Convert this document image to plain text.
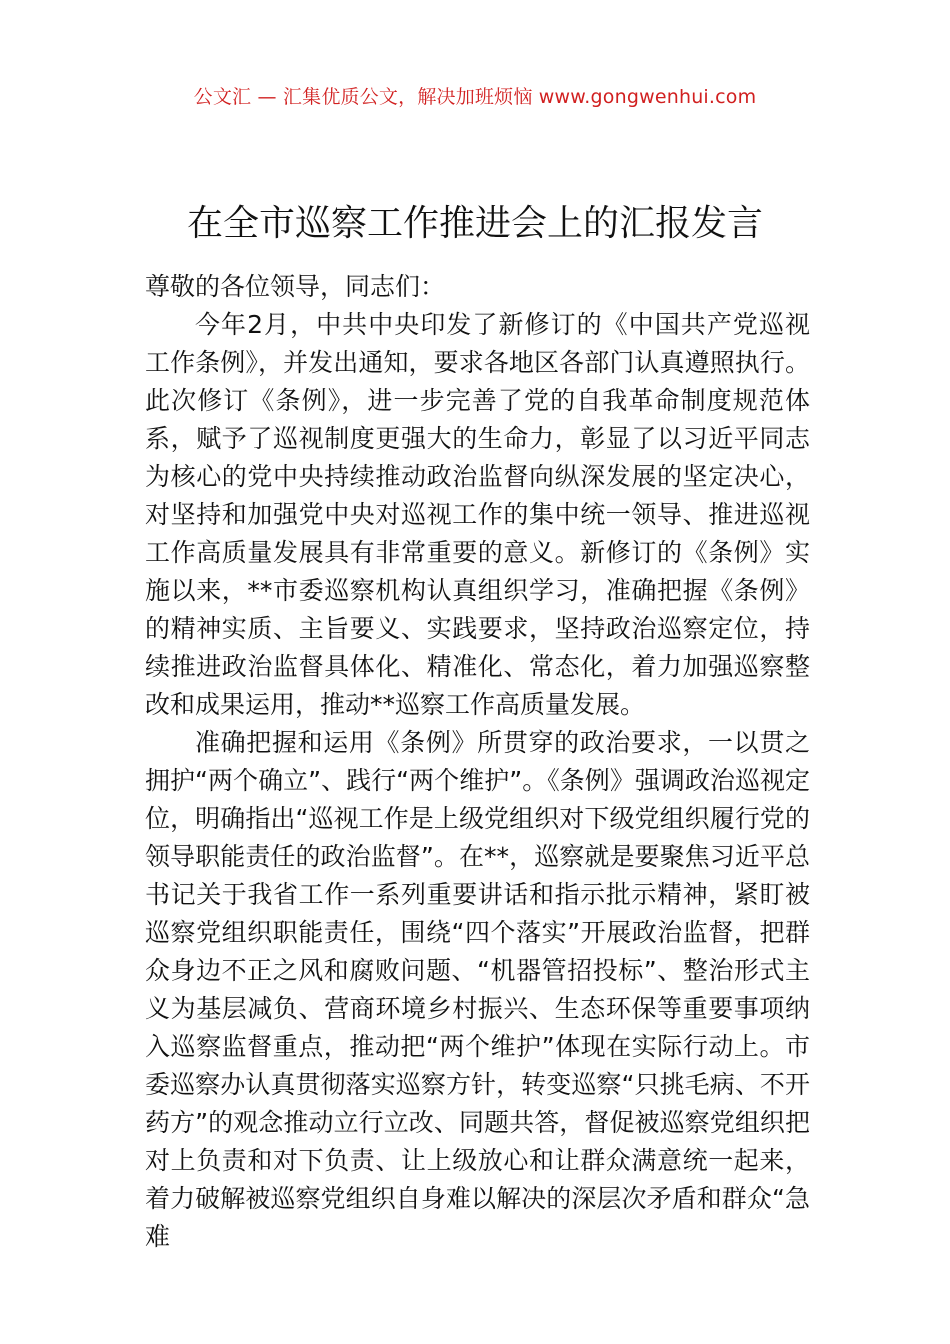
公文汇 — 汇集优质公文，解决加班烦恼 www.gongwenhui.com
在全市巡察工作推进会上的汇报发言

尊敬的各位领导，同志们：

今年2月，中共中央印发了新修订的《中国共产党巡视工作条例》，并发出通知，要求各地区各部门认真遵照执行。此次修订《条例》，进一步完善了党的自我革命制度规范体系，赋予了巡视制度更强大的生命力，彰显了以习近平同志为核心的党中央持续推动政治监督向纵深发展的坚定决心，对坚持和加强党中央对巡视工作的集中统一领导、推进巡视工作高质量发展具有非常重要的意义。新修订的《条例》实施以来，**市委巡察机构认真组织学习，准确把握《条例》的精神实质、主旨要义、实践要求，坚持政治巡察定位，持续推进政治监督具体化、精准化、常态化，着力加强巡察整改和成果运用，推动**巡察工作高质量发展。

准确把握和运用《条例》所贯穿的政治要求，一以贯之拥护“两个确立”、践行“两个维护”。《条例》强调政治巡视定位，明确指出“巡视工作是上级党组织对下级党组织履行党的领导职能责任的政治监督”。在**，巡察就是要聚焦习近平总书记关于我省工作一系列重要讲话和指示批示精神，紧盯被巡察党组织职能责任，围绕“四个落实”开展政治监督，把群众身边不正之风和腐败问题、“机器管招投标”、整治形式主义为基层减负、营商环境乡村振兴、生态环保等重要事项纳入巡察监督重点，推动把“两个维护”体现在实际行动上。市委巡察办认真贯彻落实巡察方针，转变巡察“只挑毛病、不开药方”的观念推动立行立改、同题共答，督促被巡察党组织把对上负责和对下负责、让上级放心和让群众满意统一起来，着力破解被巡察党组织自身难以解决的深层次矛盾和群众“急难
